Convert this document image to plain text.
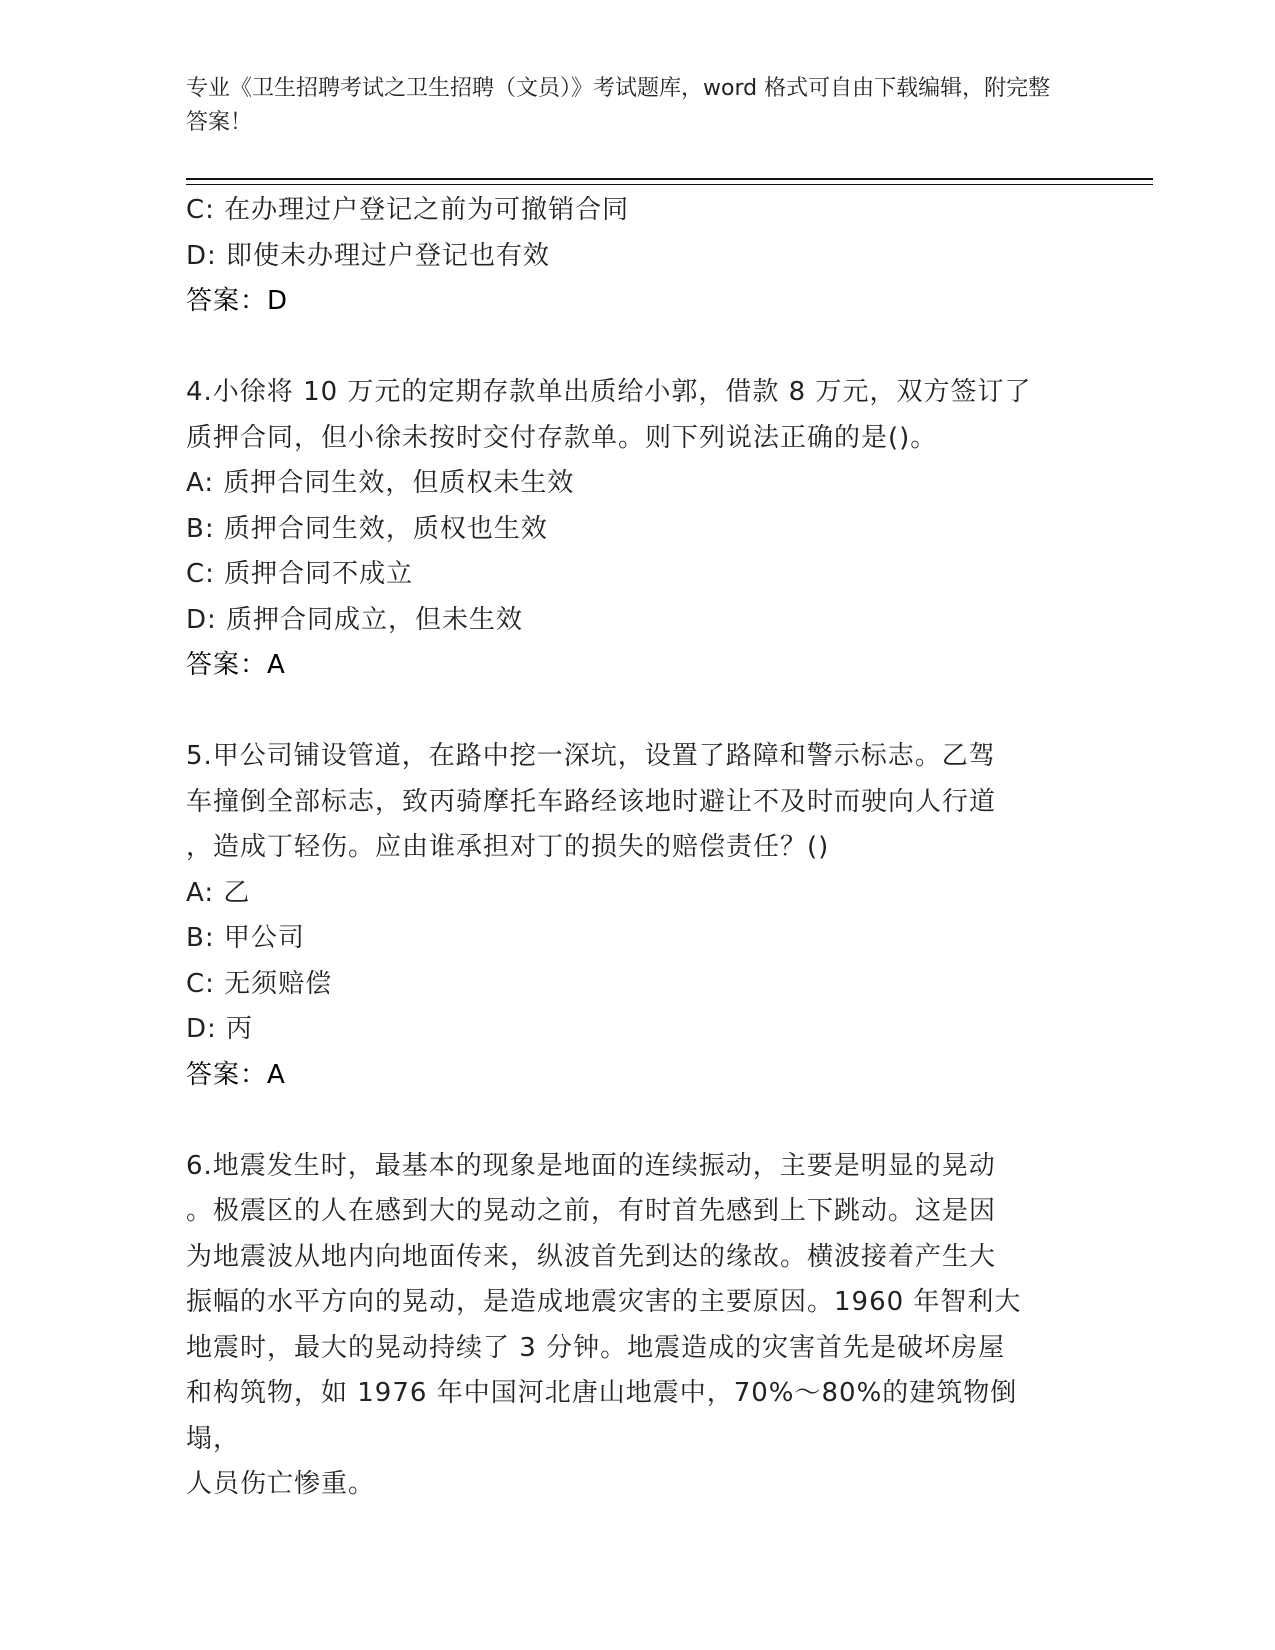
专业《卫生招聘考试之卫生招聘（文员）》考试题库，word 格式可自由下载编辑，附完整答案！
C: 在办理过户登记之前为可撤销合同
D: 即使未办理过户登记也有效
答案：D
4.小徐将 10 万元的定期存款单出质给小郭，借款 8 万元，双方签订了
质押合同，但小徐未按时交付存款单。则下列说法正确的是()。
A: 质押合同生效，但质权未生效
B: 质押合同生效，质权也生效
C: 质押合同不成立
D: 质押合同成立，但未生效
答案：A
5.甲公司铺设管道，在路中挖一深坑，设置了路障和警示标志。乙驾
车撞倒全部标志，致丙骑摩托车路经该地时避让不及时而驶向人行道
，造成丁轻伤。应由谁承担对丁的损失的赔偿责任？()
A: 乙
B: 甲公司
C: 无须赔偿
D: 丙
答案：A
6.地震发生时，最基本的现象是地面的连续振动，主要是明显的晃动
。极震区的人在感到大的晃动之前，有时首先感到上下跳动。这是因
为地震波从地内向地面传来，纵波首先到达的缘故。横波接着产生大
振幅的水平方向的晃动，是造成地震灾害的主要原因。1960 年智利大
地震时，最大的晃动持续了 3 分钟。地震造成的灾害首先是破坏房屋
和构筑物，如 1976 年中国河北唐山地震中，70%～80%的建筑物倒塌，
人员伤亡惨重。
